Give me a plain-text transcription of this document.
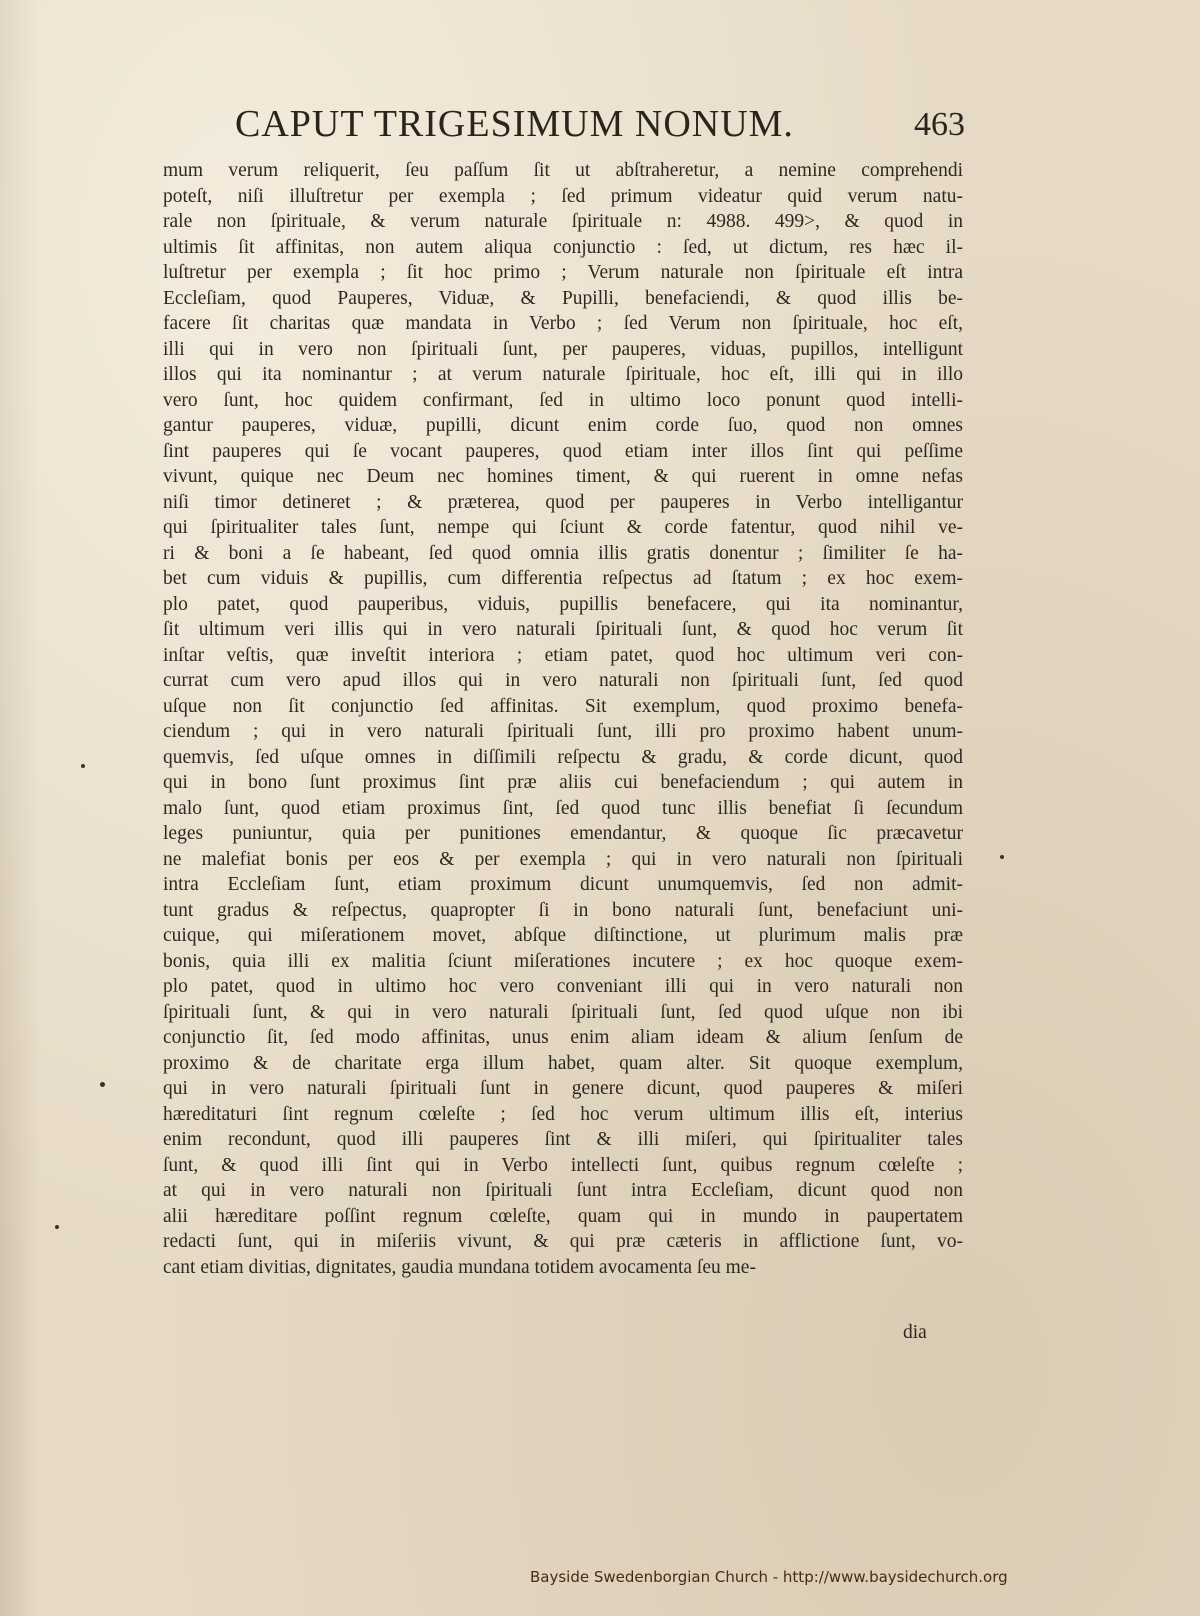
CAPUT TRIGESIMUM NONUM.	463
mum verum reliquerit, ſeu paſſum ſit ut abſtraheretur, a nemine comprehendi
poteſt, niſi illuſtretur per exempla ; ſed primum videatur quid verum natu-
rale non ſpirituale, & verum naturale ſpirituale n: 4988. 499>, & quod in
ultimis ſit affinitas, non autem aliqua conjunctio : ſed, ut dictum, res hæc il-
luſtretur per exempla ; ſit hoc primo ; Verum naturale non ſpirituale eſt intra
Eccleſiam, quod Pauperes, Viduæ, & Pupilli, benefaciendi, & quod illis be-
facere ſit charitas quæ mandata in Verbo ; ſed Verum non ſpirituale, hoc eſt,
illi qui in vero non ſpirituali ſunt, per pauperes, viduas, pupillos, intelligunt
illos qui ita nominantur ; at verum naturale ſpirituale, hoc eſt, illi qui in illo
vero ſunt, hoc quidem confirmant, ſed in ultimo loco ponunt quod intelli-
gantur pauperes, viduæ, pupilli, dicunt enim corde ſuo, quod non omnes
ſint pauperes qui ſe vocant pauperes, quod etiam inter illos ſint qui peſſime
vivunt, quique nec Deum nec homines timent, & qui ruerent in omne nefas
niſi timor detineret ; & præterea, quod per pauperes in Verbo intelligantur
qui ſpiritualiter tales ſunt, nempe qui ſciunt & corde fatentur, quod nihil ve-
ri & boni a ſe habeant, ſed quod omnia illis gratis donentur ; ſimiliter ſe ha-
bet cum viduis & pupillis, cum differentia reſpectus ad ſtatum ; ex hoc exem-
plo patet, quod pauperibus, viduis, pupillis benefacere, qui ita nominantur,
ſit ultimum veri illis qui in vero naturali ſpirituali ſunt, & quod hoc verum ſit
inſtar veſtis, quæ inveſtit interiora ; etiam patet, quod hoc ultimum veri con-
currat cum vero apud illos qui in vero naturali non ſpirituali ſunt, ſed quod
uſque non ſit conjunctio ſed affinitas. Sit exemplum, quod proximo benefa-
ciendum ; qui in vero naturali ſpirituali ſunt, illi pro proximo habent unum-
quemvis, ſed uſque omnes in diſſimili reſpectu & gradu, & corde dicunt, quod
qui in bono ſunt proximus ſint præ aliis cui benefaciendum ; qui autem in
malo ſunt, quod etiam proximus ſint, ſed quod tunc illis benefiat ſi ſecundum
leges puniuntur, quia per punitiones emendantur, & quoque ſic præcavetur
ne malefiat bonis per eos & per exempla ; qui in vero naturali non ſpirituali
intra Eccleſiam ſunt, etiam proximum dicunt unumquemvis, ſed non admit-
tunt gradus & reſpectus, quapropter ſi in bono naturali ſunt, benefaciunt uni-
cuique, qui miſerationem movet, abſque diſtinctione, ut plurimum malis præ
bonis, quia illi ex malitia ſciunt miſerationes incutere ; ex hoc quoque exem-
plo patet, quod in ultimo hoc vero conveniant illi qui in vero naturali non
ſpirituali ſunt, & qui in vero naturali ſpirituali ſunt, ſed quod uſque non ibi
conjunctio ſit, ſed modo affinitas, unus enim aliam ideam & alium ſenſum de
proximo & de charitate erga illum habet, quam alter. Sit quoque exemplum,
qui in vero naturali ſpirituali ſunt in genere dicunt, quod pauperes & miſeri
hæreditaturi ſint regnum cœleſte ; ſed hoc verum ultimum illis eſt, interius
enim recondunt, quod illi pauperes ſint & illi miſeri, qui ſpiritualiter tales
ſunt, & quod illi ſint qui in Verbo intellecti ſunt, quibus regnum cœleſte ;
at qui in vero naturali non ſpirituali ſunt intra Eccleſiam, dicunt quod non
alii hæreditare poſſint regnum cœleſte, quam qui in mundo in paupertatem
redacti ſunt, qui in miſeriis vivunt, & qui præ cæteris in afflictione ſunt, vo-
cant etiam divitias, dignitates, gaudia mundana totidem avocamenta ſeu me-
dia
Bayside Swedenborgian Church - http://www.baysidechurch.org
